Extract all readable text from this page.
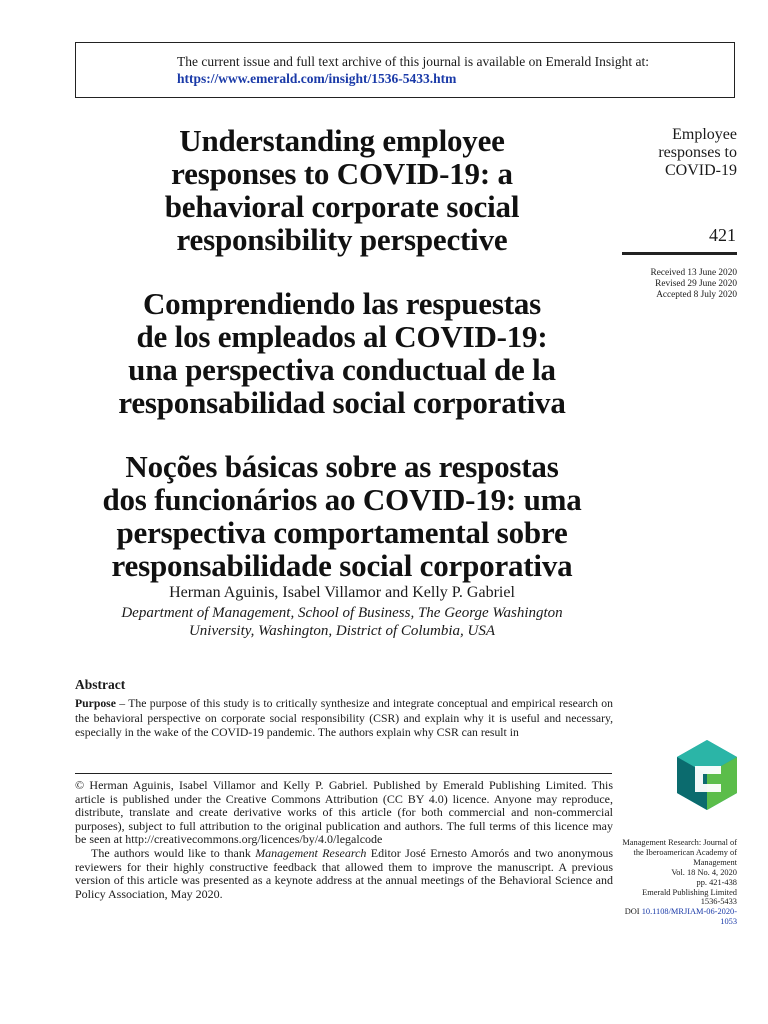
The current issue and full text archive of this journal is available on Emerald Insight at:
https://www.emerald.com/insight/1536-5433.htm
Understanding employee
responses to COVID-19: a
behavioral corporate social
responsibility perspective
Comprendiendo las respuestas
de los empleados al COVID-19:
una perspectiva conductual de la
responsabilidad social corporativa
Noções básicas sobre as respostas
dos funcionários ao COVID-19: uma
perspectiva comportamental sobre
responsabilidade social corporativa
Herman Aguinis, Isabel Villamor and Kelly P. Gabriel
Department of Management, School of Business, The George Washington
University, Washington, District of Columbia, USA
Abstract
Purpose – The purpose of this study is to critically synthesize and integrate conceptual and empirical research on the behavioral perspective on corporate social responsibility (CSR) and explain why it is useful and necessary, especially in the wake of the COVID-19 pandemic. The authors explain why CSR can result in

© Herman Aguinis, Isabel Villamor and Kelly P. Gabriel. Published by Emerald Publishing Limited. This article is published under the Creative Commons Attribution (CC BY 4.0) licence. Anyone may reproduce, distribute, translate and create derivative works of this article (for both commercial and non-commercial purposes), subject to full attribution to the original publication and authors. The full terms of this licence may be seen at http://creativecommons.org/licences/by/4.0/legalcode

The authors would like to thank Management Research Editor José Ernesto Amorós and two anonymous reviewers for their highly constructive feedback that allowed them to improve the manuscript. A previous version of this article was presented as a keynote address at the annual meetings of the Behavioral Science and Policy Association, May 2020.

Employee
responses to
COVID-19
421
Received 13 June 2020
Revised 29 June 2020
Accepted 8 July 2020
Management Research: Journal of
the Iberoamerican Academy of
Management
Vol. 18 No. 4, 2020
pp. 421-438
Emerald Publishing Limited
1536-5433
DOI 10.1108/MRJIAM-06-2020-1053
